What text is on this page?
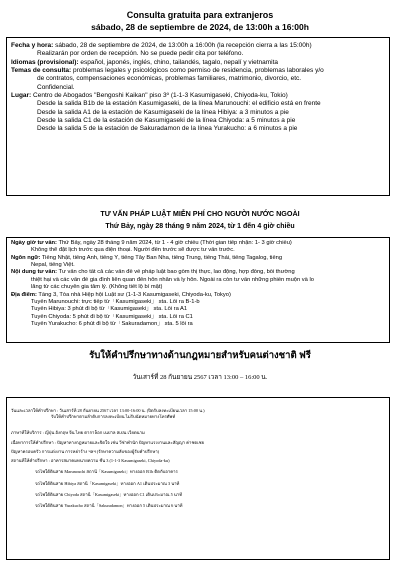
Consulta gratuita para extranjeros
sábado, 28 de septiembre de 2024, de 13:00h a 16:00h
Fecha y hora: sábado, 28 de septiembre de 2024, de 13:00h a 16:00h (la recepción cierra a las 15:00h)
Realizarán por orden de recepción. No se puede pedir cita por teléfono.
Idiomas (provisional): español, japonés, inglés, chino, tailandés, tagalo, nepalí y vietnamita
Temas de consulta: problemas legales y psicológicos como permiso de residencia, problemas laborales y/o
de contratos, compensaciones económicas, problemas familiares, matrimonio, divorcio, etc.
Confidencial.
Lugar: Centro de Abogados "Bengoshi Kaikan" piso 3º (1-1-3 Kasumigaseki, Chiyoda-ku, Tokio)
Desde la salida B1b de la estación Kasumigaseki, de la línea Marunouchi: el edificio está en frente
Desde la salida A1 de la estación de Kasumigaseki de la línea Hibiya: a 3 minutos a pie
Desde la salida C1 de la estación de Kasumigaseki de la línea Chiyoda: a 5 minutos a pie
Desde la salida 5 de la estación de Sakuradamon de la línea Yurakucho: a 6 minutos a pie
TƯ VẤN PHÁP LUẬT MIỄN PHÍ CHO NGƯỜI NƯỚC NGOÀI
Thứ Bảy, ngày 28 tháng 9 năm 2024, từ 1 đến 4 giờ chiều
Ngày giờ tư vấn: Thứ Bảy, ngày 28 tháng 9 năm 2024, từ 1 - 4 giờ chiều (Thời gian tiếp nhận: 1- 3 giờ chiều)
Không thể đặt lịch trước qua điện thoại. Người đến trước sẽ được tư vấn trước.
Ngôn ngữ: Tiếng Nhật, tiếng Anh, tiếng Ý, tiếng Tây Ban Nha, tiếng Trung, tiếng Thái, tiếng Tagalog, tiếng
Nepal, tiếng Việt.
Nội dung tư vấn: Tư vấn cho tất cả các vấn đề về pháp luật bao gồm thị thực, lao động, hợp đồng, bồi thường
thiệt hại và các vấn đề gia đình liên quan đến hôn nhân và ly hôn. Ngoài ra còn tư vấn những phiền muộn và lo
lắng từ các chuyên gia tâm lý. (Không tiết lộ bí mật)
Địa điểm: Tầng 3, Tòa nhà Hiệp hội Luật sư (1-1-3 Kasumigaseki, Chiyoda-ku, Tokyo)
Tuyến Marunouchi: trực tiếp từ「Kasumigaseki」 sta. Lối ra B-1-b
Tuyến Hibiya: 3 phút đi bộ từ「Kasumigaseki」 sta. Lối ra A1
Tuyến Chiyoda: 5 phút đi bộ từ「Kasumigaseki」 sta. Lối ra C1
Tuyến Yurakucho: 6 phút đi bộ từ「Sakuradamon」 sta. 5 lối ra
รับให้คำปรึกษาทางด้านกฎหมายสำหรับคนต่างชาติ ฟรี
วันเสาร์ที่ 28 กันยายน 2567 เวลา 13:00 – 16:00 น.
วันและเวลาให้คำปรึกษา : วันเสาร์ที่ 28 กันยายน 2567 เวลา 13:00-16:00 น. (ปิดรับลงทะเบียนเวลา 15:00 น.)
รับให้คำปรึกษาตามลำดับการลงทะเบียน ไม่รับนัดหมายทางโทรศัพท์
ภาษาที่ให้บริการ : ญี่ปุ่น อังกฤษ จีน ไทย ตากาล็อก เนปาล สเปน เวียดนาม
เนื้อหาการให้คำปรึกษา : ปัญหาทางกฎหมายและจิตใจ เช่น วีซ่าพำนัก ปัญหาแรงงานและสัญญา ค่าชดเชย
ปัญหาครอบครัว การแต่งงาน การหย่าร้าง ฯลฯ (รักษาความลับของผู้รับคำปรึกษา)
สถานที่ให้คำปรึกษา : อาคารสมาคมทนายความ ชั้น 3 (1-1-3 Kasumigaseki, Chiyoda-ku)
รถไฟใต้ดินสาย Marunouchi สถานี「Kasumigaseki」ทางออก B1b ติดกับอาคาร
รถไฟใต้ดินสาย Hibiya สถานี「Kasumigaseki」ทางออก A1 เดินประมาณ 3 นาที
รถไฟใต้ดินสาย Chiyoda สถานี「Kasumigaseki」ทางออก C1 เดินประมาณ 5 นาที
รถไฟใต้ดินสาย Yurakucho สถานี「Sakuradamon」ทางออก 5 เดินประมาณ 6 นาที
